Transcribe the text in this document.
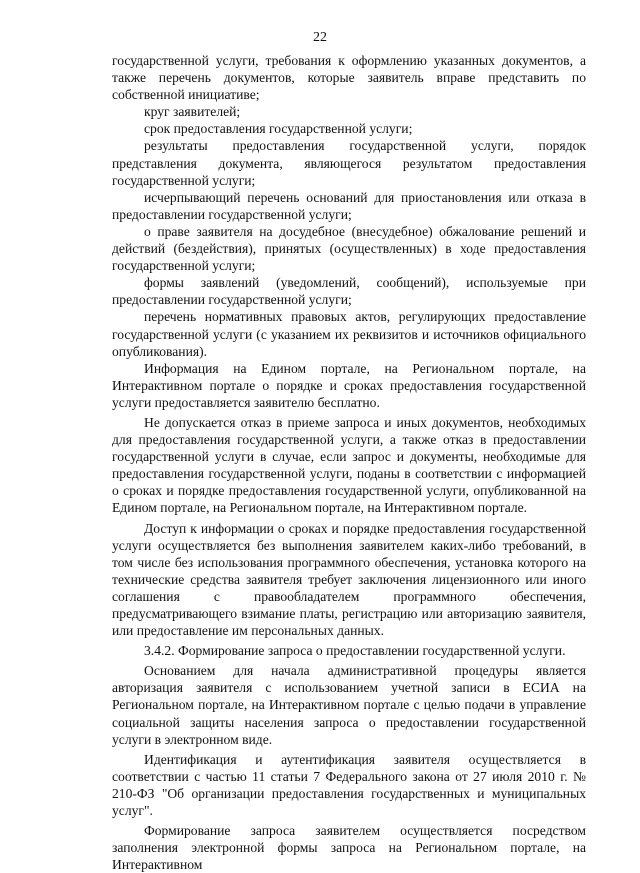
22

государственной услуги, требования к оформлению указанных документов, а также перечень документов, которые заявитель вправе представить по собственной инициативе;

круг заявителей;

срок предоставления государственной услуги;

результаты предоставления государственной услуги, порядок представления документа, являющегося результатом предоставления государственной услуги;

исчерпывающий перечень оснований для приостановления или отказа в предоставлении государственной услуги;

о праве заявителя на досудебное (внесудебное) обжалование решений и действий (бездействия), принятых (осуществленных) в ходе предоставления государственной услуги;

формы заявлений (уведомлений, сообщений), используемые при предоставлении государственной услуги;

перечень нормативных правовых актов, регулирующих предоставление государственной услуги (с указанием их реквизитов и источников официального опубликования).

Информация на Едином портале, на Региональном портале, на Интерактивном портале о порядке и сроках предоставления государственной услуги предоставляется заявителю бесплатно.

Не допускается отказ в приеме запроса и иных документов, необходимых для предоставления государственной услуги, а также отказ в предоставлении государственной услуги в случае, если запрос и документы, необходимые для предоставления государственной услуги, поданы в соответствии с информацией о сроках и порядке предоставления государственной услуги, опубликованной на Едином портале, на Региональном портале, на Интерактивном портале.

Доступ к информации о сроках и порядке предоставления государственной услуги осуществляется без выполнения заявителем каких-либо требований, в том числе без использования программного обеспечения, установка которого на технические средства заявителя требует заключения лицензионного или иного соглашения с правообладателем программного обеспечения, предусматривающего взимание платы, регистрацию или авторизацию заявителя, или предоставление им персональных данных.

3.4.2. Формирование запроса о предоставлении государственной услуги.

Основанием для начала административной процедуры является авторизация заявителя с использованием учетной записи в ЕСИА на Региональном портале, на Интерактивном портале с целью подачи в управление социальной защиты населения запроса о предоставлении государственной услуги в электронном виде.

Идентификация и аутентификация заявителя осуществляется в соответствии с частью 11 статьи 7 Федерального закона от 27 июля 2010 г. № 210-ФЗ "Об организации предоставления государственных и муниципальных услуг".

Формирование запроса заявителем осуществляется посредством заполнения электронной формы запроса на Региональном портале, на Интерактивном
